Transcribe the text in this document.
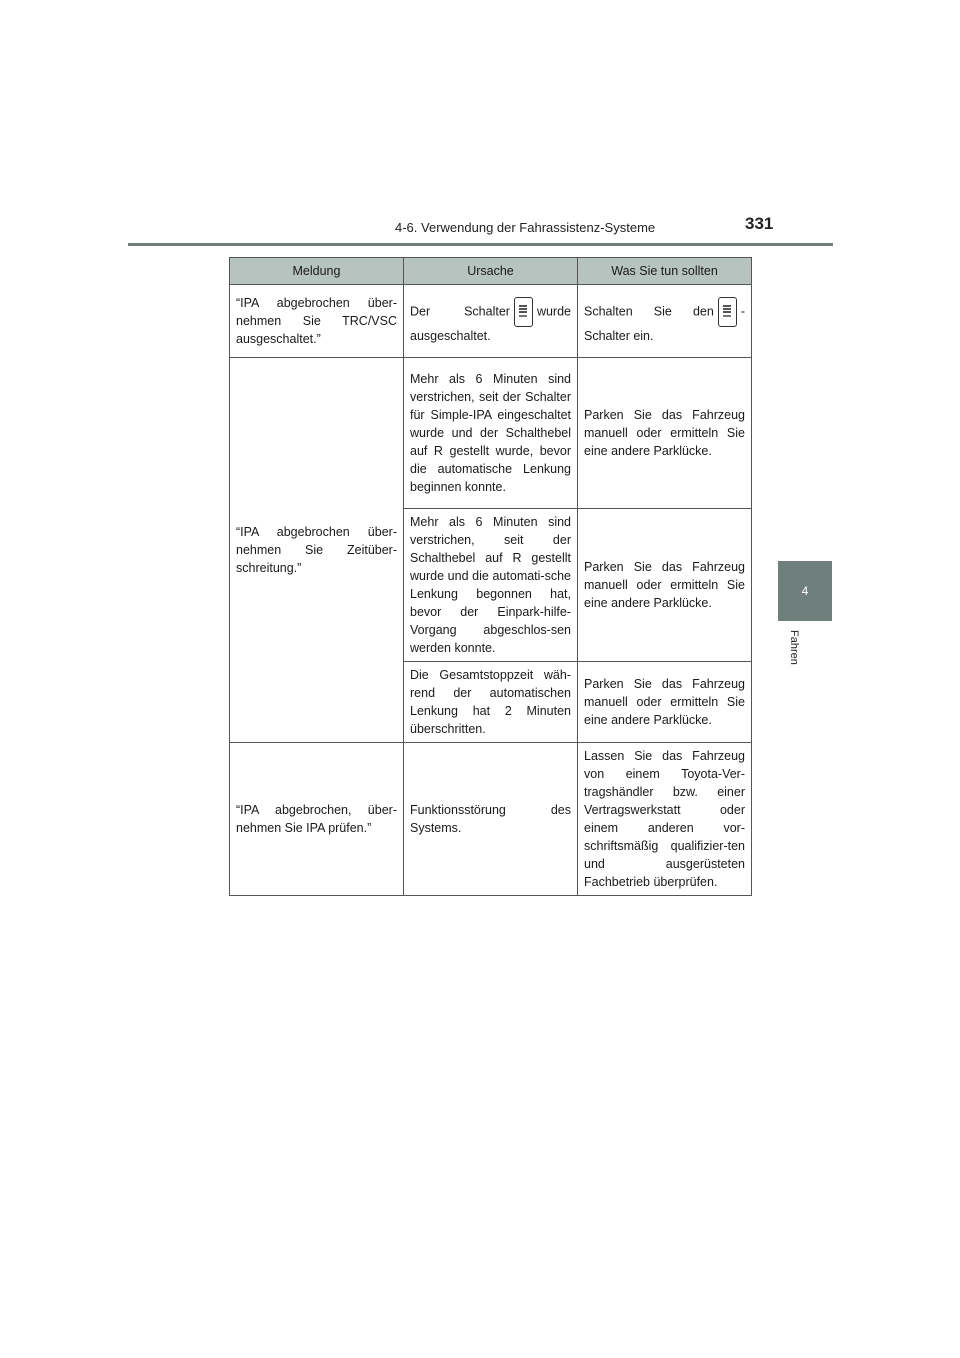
4-6. Verwendung der Fahrassistenz-Systeme	331
4
Fahren
Meldung	Ursache	Was Sie tun sollten
“IPA abgebrochen über-nehmen Sie TRC/VSC ausgeschaltet.”	Der Schalter wurde ausgeschaltet.	Schalten Sie den -Schalter ein.
“IPA abgebrochen über-nehmen Sie Zeitüber-schreitung.”	Mehr als 6 Minuten sind verstrichen, seit der Schalter für Simple-IPA eingeschaltet wurde und der Schalthebel auf R gestellt wurde, bevor die automatische Lenkung beginnen konnte.	Parken Sie das Fahrzeug manuell oder ermitteln Sie eine andere Parklücke.
	Mehr als 6 Minuten sind verstrichen, seit der Schalthebel auf R gestellt wurde und die automati-sche Lenkung begonnen hat, bevor der Einpark-hilfe-Vorgang abgeschlos-sen werden konnte.	Parken Sie das Fahrzeug manuell oder ermitteln Sie eine andere Parklücke.
	Die Gesamtstoppzeit wäh-rend der automatischen Lenkung hat 2 Minuten überschritten.	Parken Sie das Fahrzeug manuell oder ermitteln Sie eine andere Parklücke.
“IPA abgebrochen, über-nehmen Sie IPA prüfen.”	Funktionsstörung des Systems.	Lassen Sie das Fahrzeug von einem Toyota-Ver-tragshändler bzw. einer Vertragswerkstatt oder einem anderen vor-schriftsmäßig qualifizier-ten und ausgerüsteten Fachbetrieb überprüfen.
